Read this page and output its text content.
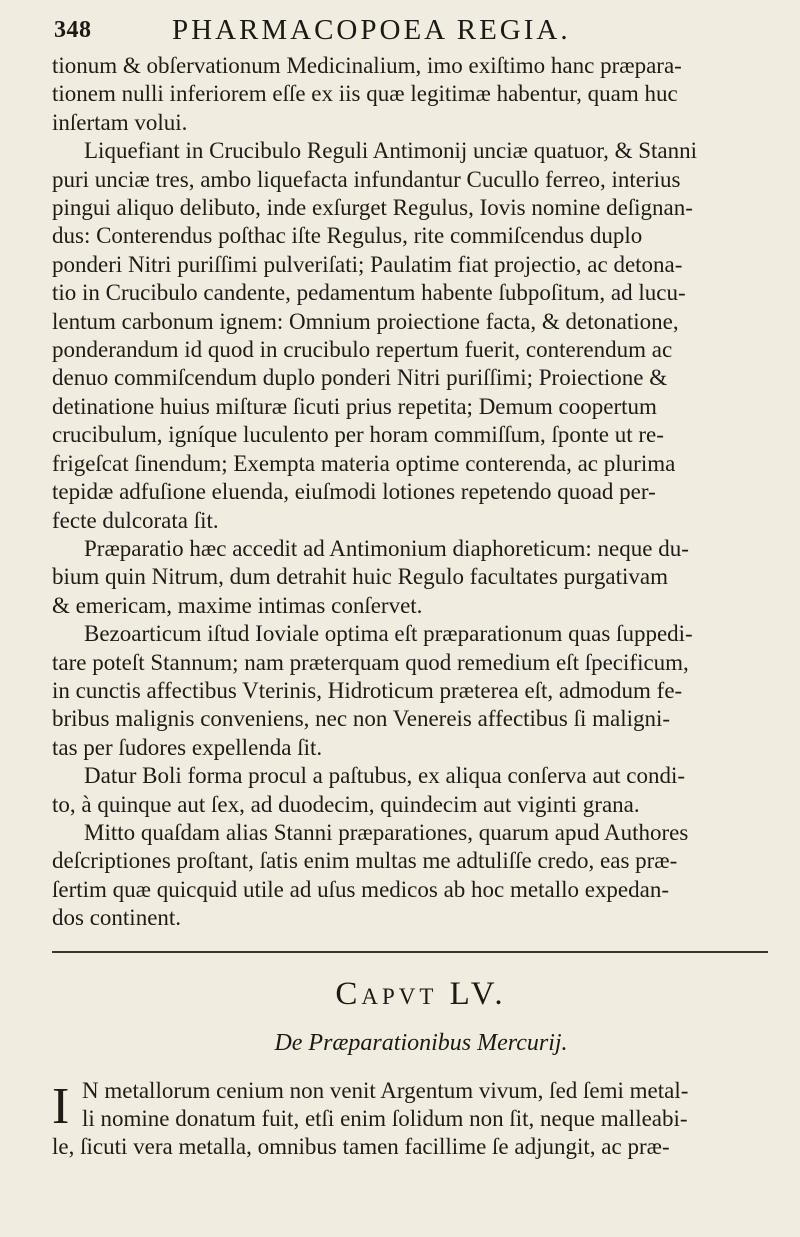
348	PHARMACOPOEA REGIA.
tionum & obſervationum Medicinalium, imo exiſtimo hanc præpara-
tionem nulli inferiorem eſſe ex iis quæ legitimæ habentur, quam huc
inſertam volui.
Liquefiant in Crucibulo Reguli Antimonij unciæ quatuor, & Stanni
puri unciæ tres, ambo liquefacta infundantur Cucullo ferreo, interius
pingui aliquo delibuto, inde exſurget Regulus, Iovis nomine deſignan-
dus: Conterendus poſthac iſte Regulus, rite commiſcendus duplo
ponderi Nitri puriſſimi pulveriſati; Paulatim fiat projectio, ac detona-
tio in Crucibulo candente, pedamentum habente ſubpoſitum, ad lucu-
lentum carbonum ignem: Omnium proiectione facta, & detonatione,
ponderandum id quod in crucibulo repertum fuerit, conterendum ac
denuo commiſcendum duplo ponderi Nitri puriſſimi; Proiectione &
detinatione huius miſturæ ſicuti prius repetita; Demum coopertum
crucibulum, igníque luculento per horam commiſſum, ſponte ut re-
frigeſcat ſinendum; Exempta materia optime conterenda, ac plurima
tepidæ adfuſione eluenda, eiuſmodi lotiones repetendo quoad per-
fecte dulcorata ſit.
Præparatio hæc accedit ad Antimonium diaphoreticum: neque du-
bium quin Nitrum, dum detrahit huic Regulo facultates purgativam
& emericam, maxime intimas conſervet.
Bezoarticum iſtud Ioviale optima eſt præparationum quas ſuppedi-
tare poteſt Stannum; nam præterquam quod remedium eſt ſpecificum,
in cunctis affectibus Vterinis, Hidroticum præterea eſt, admodum fe-
bribus malignis conveniens, nec non Venereis affectibus ſi maligni-
tas per ſudores expellenda ſit.
Datur Boli forma procul a paſtubus, ex aliqua conſerva aut condi-
to, à quinque aut ſex, ad duodecim, quindecim aut viginti grana.
Mitto quaſdam alias Stanni præparationes, quarum apud Authores
deſcriptiones proſtant, ſatis enim multas me adtuliſſe credo, eas præ-
ſertim quæ quicquid utile ad uſus medicos ab hoc metallo expedan-
dos continent.
Capvt LV.
De Præparationibus Mercurij.
I N metallorum cenium non venit Argentum vivum, ſed ſemi metal-
li nomine donatum fuit, etſi enim ſolidum non ſit, neque malleabi-
le, ſicuti vera metalla, omnibus tamen facillime ſe adjungit, ac præ-
